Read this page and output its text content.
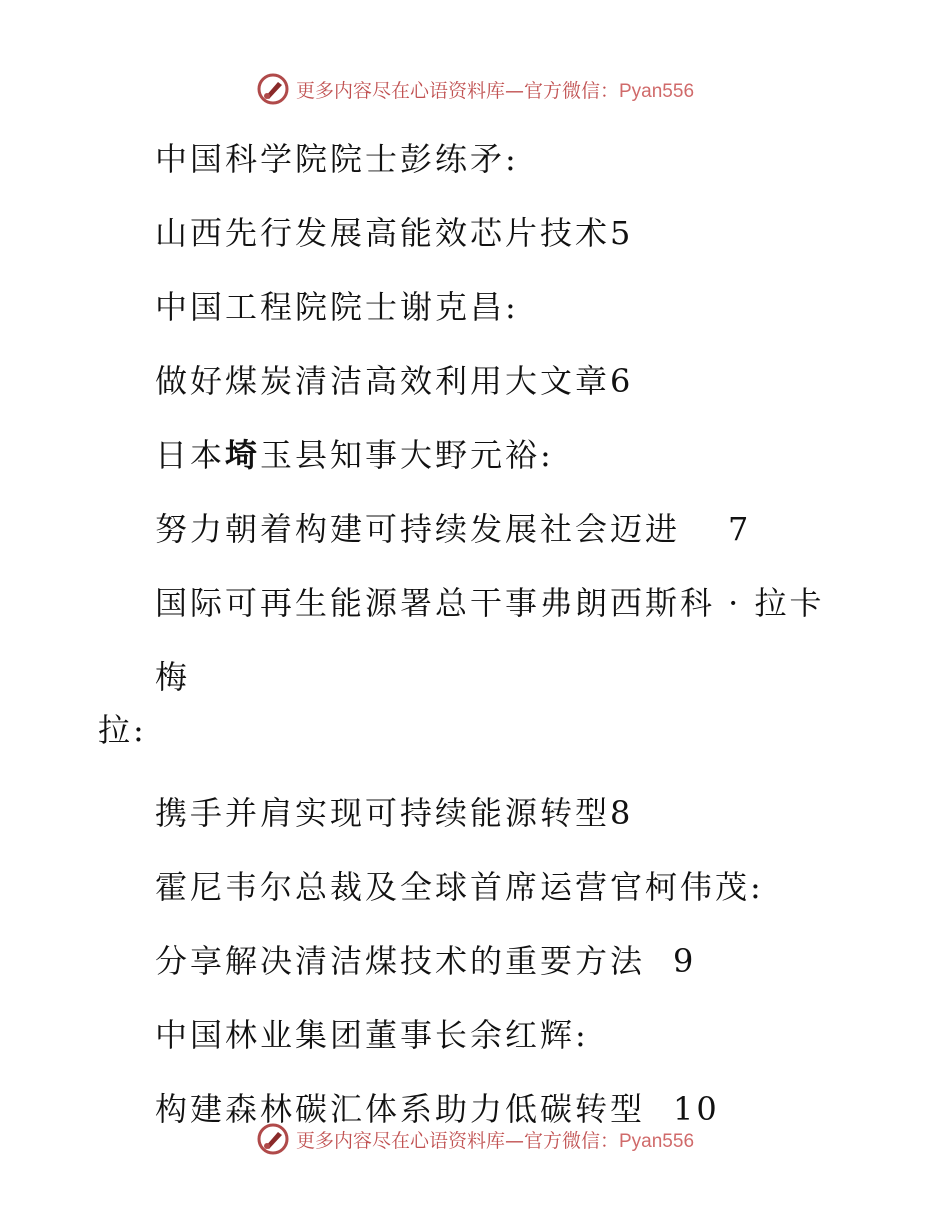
更多内容尽在心语资料库—官方微信：Pyan556
中国科学院院士彭练矛:
山西先行发展高能效芯片技术5
中国工程院院士谢克昌:
做好煤炭清洁高效利用大文章6
日本埼玉县知事大野元裕:
努力朝着构建可持续发展社会迈进 7
国际可再生能源署总干事弗朗西斯科 · 拉卡梅
拉:
携手并肩实现可持续能源转型8
霍尼韦尔总裁及全球首席运营官柯伟茂:
分享解决清洁煤技术的重要方法 9
中国林业集团董事长余红辉:
构建森林碳汇体系助力低碳转型 10
更多内容尽在心语资料库—官方微信：Pyan556
